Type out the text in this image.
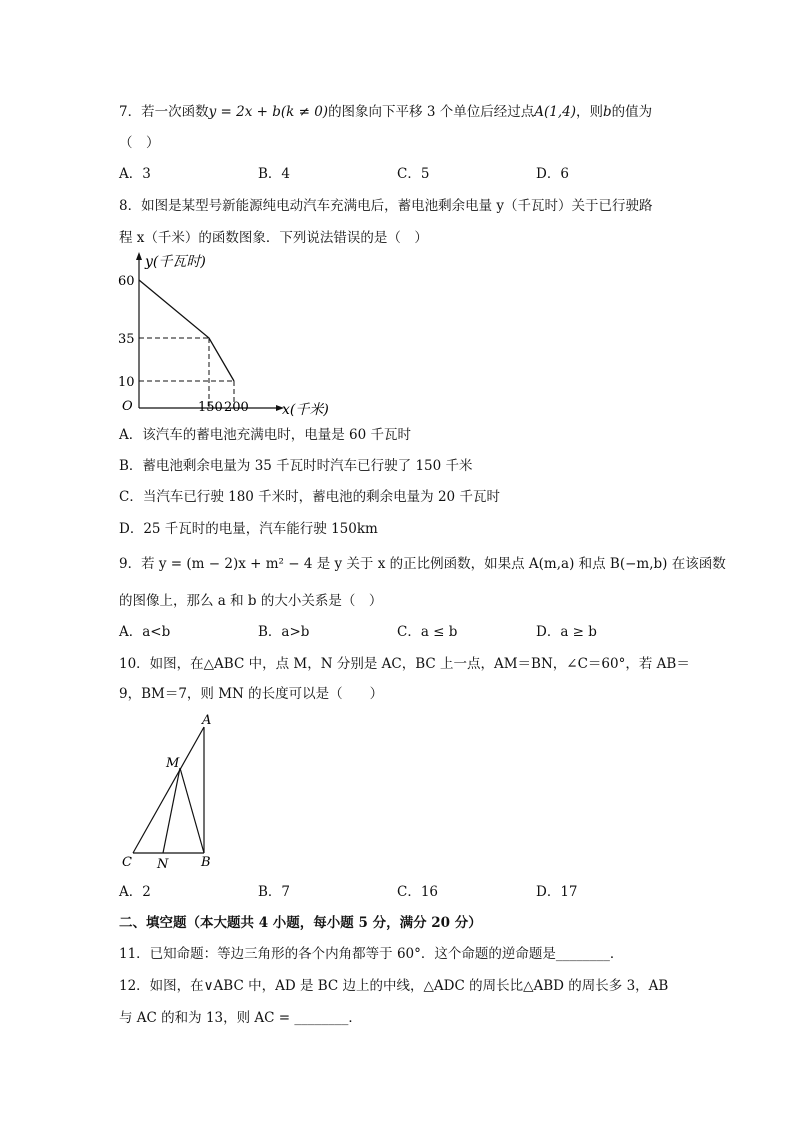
7．若一次函数y = 2x + b(k ≠ 0)的图象向下平移 3 个单位后经过点A(1,4)，则b的值为
（　）
A．3	B．4	C．5	D．6
8．如图是某型号新能源纯电动汽车充满电后，蓄电池剩余电量 y（千瓦时）关于已行驶路
程 x（千米）的函数图象．下列说法错误的是（　）
y(千瓦时)
60
35
10
O	150 200 x(千米)
A．该汽车的蓄电池充满电时，电量是 60 千瓦时
B．蓄电池剩余电量为 35 千瓦时时汽车已行驶了 150 千米
C．当汽车已行驶 180 千米时，蓄电池的剩余电量为 20 千瓦时
D．25 千瓦时的电量，汽车能行驶 150km
9．若 y = (m − 2)x + m² − 4 是 y 关于 x 的正比例函数，如果点 A(m,a) 和点 B(−m,b) 在该函数
的图像上，那么 a 和 b 的大小关系是（　）
A．a<b	B．a>b	C．a ≤ b	D．a ≥ b
10．如图，在△ABC 中，点 M，N 分别是 AC，BC 上一点，AM＝BN，∠C＝60°，若 AB＝
9，BM＝7，则 MN 的长度可以是（　　）
A
M
C N	B
A．2	B．7	C．16	D．17
二、填空题（本大题共 4 小题，每小题 5 分，满分 20 分）
11．已知命题：等边三角形的各个内角都等于 60°．这个命题的逆命题是________．
12．如图，在∨ABC 中，AD 是 BC 边上的中线，△ADC 的周长比△ABD 的周长多 3，AB
与 AC 的和为 13，则 AC = ________．
